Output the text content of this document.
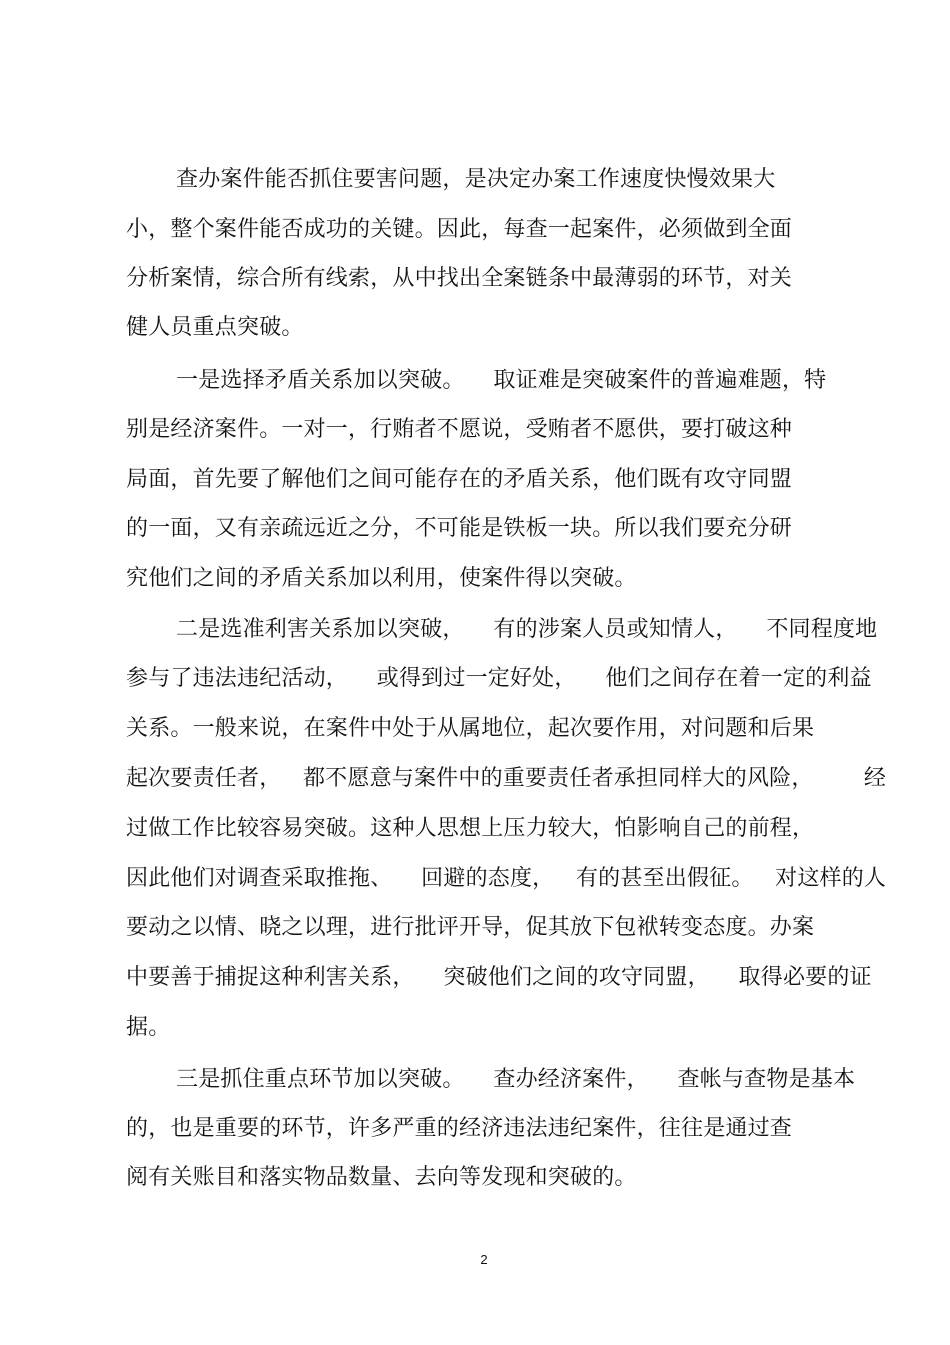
查办案件能否抓住要害问题，是决定办案工作速度快慢效果大

小，整个案件能否成功的关键。因此，每查一起案件，必须做到全面

分析案情，综合所有线索，从中找出全案链条中最薄弱的环节，对关

健人员重点突破。

一是选择矛盾关系加以突破。    取证难是突破案件的普遍难题，特

别是经济案件。一对一，行贿者不愿说，受贿者不愿供，要打破这种

局面，首先要了解他们之间可能存在的矛盾关系，他们既有攻守同盟

的一面，又有亲疏远近之分，不可能是铁板一块。所以我们要充分研

究他们之间的矛盾关系加以利用，使案件得以突破。

二是选准利害关系加以突破，    有的涉案人员或知情人，    不同程度地

参与了违法违纪活动，    或得到过一定好处，    他们之间存在着一定的利益

关系。一般来说，在案件中处于从属地位，起次要作用，对问题和后果

起次要责任者，   都不愿意与案件中的重要责任者承担同样大的风险，       经

过做工作比较容易突破。这种人思想上压力较大，怕影响自己的前程，

因此他们对调查采取推拖、    回避的态度，   有的甚至出假征。   对这样的人

要动之以情、晓之以理，进行批评开导，促其放下包袱转变态度。办案

中要善于捕捉这种利害关系，    突破他们之间的攻守同盟，    取得必要的证

据。

三是抓住重点环节加以突破。    查办经济案件，    查帐与查物是基本

的，也是重要的环节，许多严重的经济违法违纪案件，往往是通过查

阅有关账目和落实物品数量、去向等发现和突破的。

2
